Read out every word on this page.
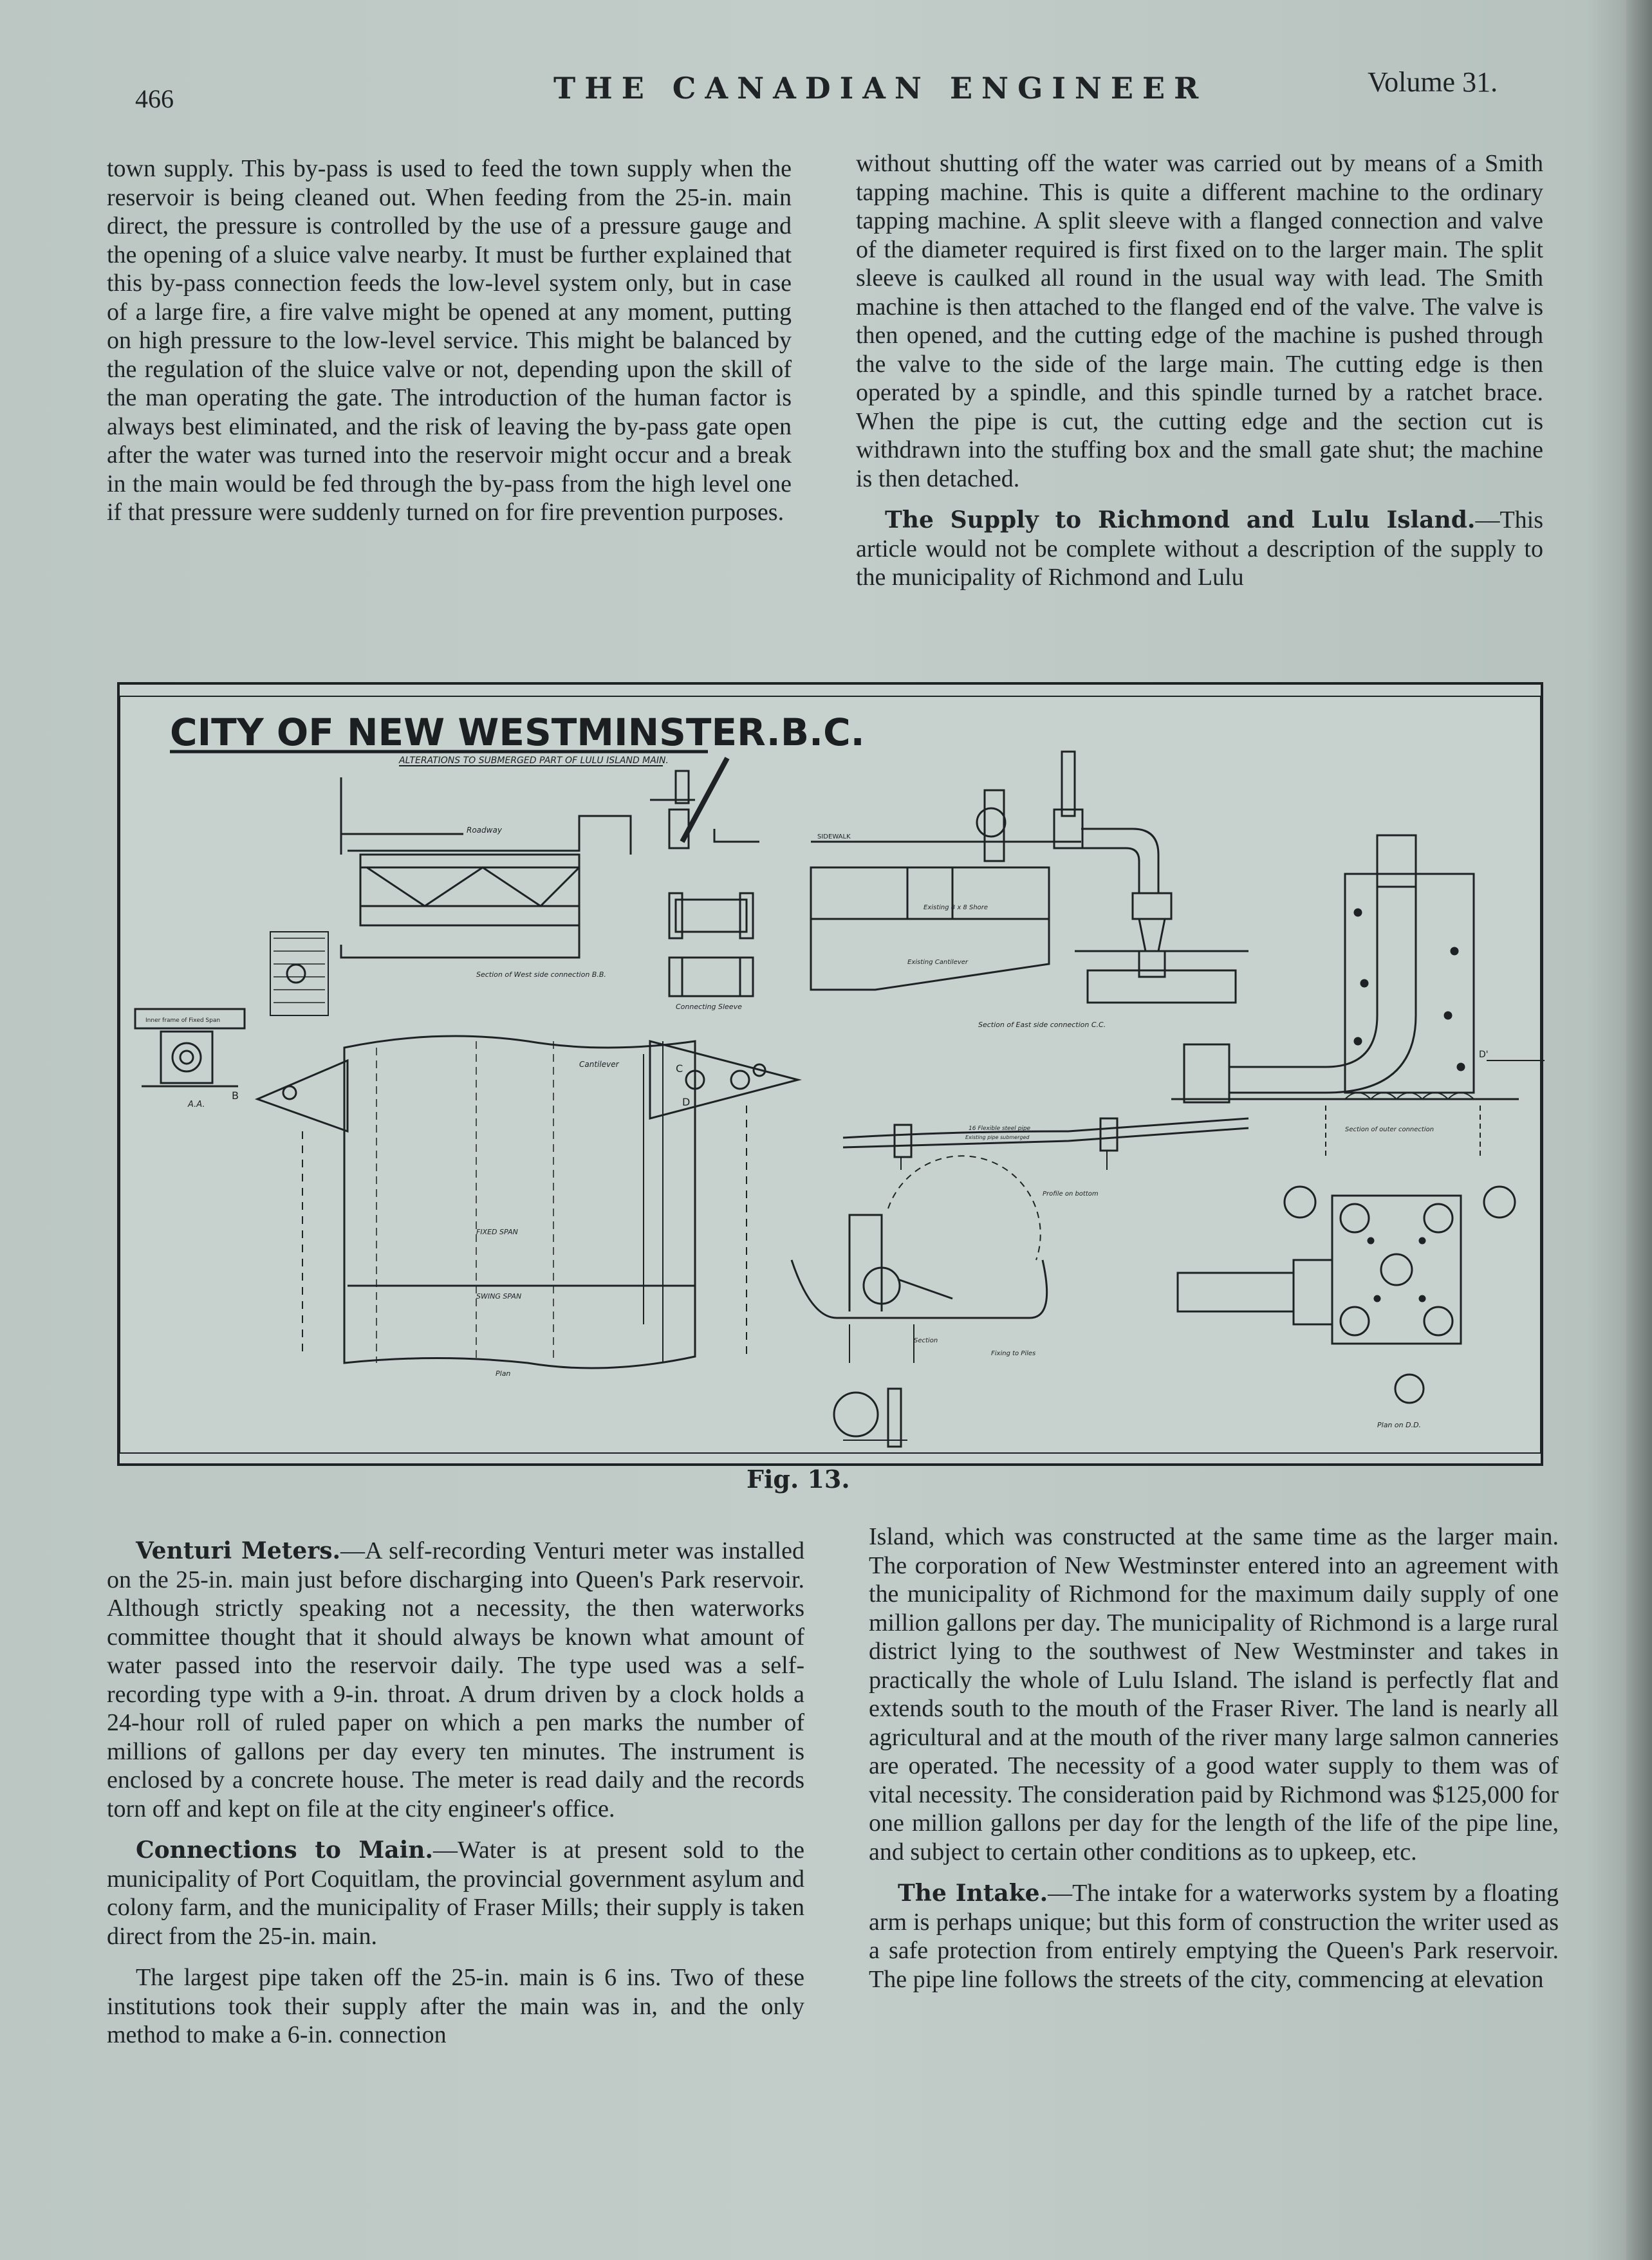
466	THE CANADIAN ENGINEER	Volume 31.

town supply. This by-pass is used to feed the town supply when the reservoir is being cleaned out. When feeding from the 25-in. main direct, the pressure is controlled by the use of a pressure gauge and the opening of a sluice valve nearby. It must be further explained that this by-pass connection feeds the low-level system only, but in case of a large fire, a fire valve might be opened at any moment, putting on high pressure to the low-level service. This might be balanced by the regulation of the sluice valve or not, depending upon the skill of the man operating the gate. The introduction of the human factor is always best eliminated, and the risk of leaving the by-pass gate open after the water was turned into the reservoir might occur and a break in the main would be fed through the by-pass from the high level one if that pressure were suddenly turned on for fire prevention purposes.

without shutting off the water was carried out by means of a Smith tapping machine. This is quite a different machine to the ordinary tapping machine. A split sleeve with a flanged connection and valve of the diameter required is first fixed on to the larger main. The split sleeve is caulked all round in the usual way with lead. The Smith machine is then attached to the flanged end of the valve. The valve is then opened, and the cutting edge of the machine is pushed through the valve to the side of the large main. The cutting edge is then operated by a spindle, and this spindle turned by a ratchet brace. When the pipe is cut, the cutting edge and the section cut is withdrawn into the stuffing box and the small gate shut; the machine is then detached.

The Supply to Richmond and Lulu Island.—This article would not be complete without a description of the supply to the municipality of Richmond and Lulu

CITY OF NEW WESTMINSTER.B.C.
ALTERATIONS TO SUBMERGED PART OF LULU ISLAND MAIN.
Roadway
Section of West side connection B.B.
Connecting Sleeve
Inner frame of Fixed Span
A.A.
FIXED SPAN
SWING SPAN
Plan
Cantilever
B
C
D
SIDEWALK
Existing 8 x 8 Shore
Existing Cantilever
Section of East side connection C.C.
D'
Section of outer connection
16 Flexible steel pipe
Existing pipe submerged
Profile on bottom
Section
Fixing to Piles
Plan on D.D.
Fig. 13.

Venturi Meters.—A self-recording Venturi meter was installed on the 25-in. main just before discharging into Queen's Park reservoir. Although strictly speaking not a necessity, the then waterworks committee thought that it should always be known what amount of water passed into the reservoir daily. The type used was a self-recording type with a 9-in. throat. A drum driven by a clock holds a 24-hour roll of ruled paper on which a pen marks the number of millions of gallons per day every ten minutes. The instrument is enclosed by a concrete house. The meter is read daily and the records torn off and kept on file at the city engineer's office.

Connections to Main.—Water is at present sold to the municipality of Port Coquitlam, the provincial government asylum and colony farm, and the municipality of Fraser Mills; their supply is taken direct from the 25-in. main.

The largest pipe taken off the 25-in. main is 6 ins. Two of these institutions took their supply after the main was in, and the only method to make a 6-in. connection

Island, which was constructed at the same time as the larger main. The corporation of New Westminster entered into an agreement with the municipality of Richmond for the maximum daily supply of one million gallons per day. The municipality of Richmond is a large rural district lying to the southwest of New Westminster and takes in practically the whole of Lulu Island. The island is perfectly flat and extends south to the mouth of the Fraser River. The land is nearly all agricultural and at the mouth of the river many large salmon canneries are operated. The necessity of a good water supply to them was of vital necessity. The consideration paid by Richmond was $125,000 for one million gallons per day for the length of the life of the pipe line, and subject to certain other conditions as to upkeep, etc.

The Intake.—The intake for a waterworks system by a floating arm is perhaps unique; but this form of construction the writer used as a safe protection from entirely emptying the Queen's Park reservoir. The pipe line follows the streets of the city, commencing at elevation
